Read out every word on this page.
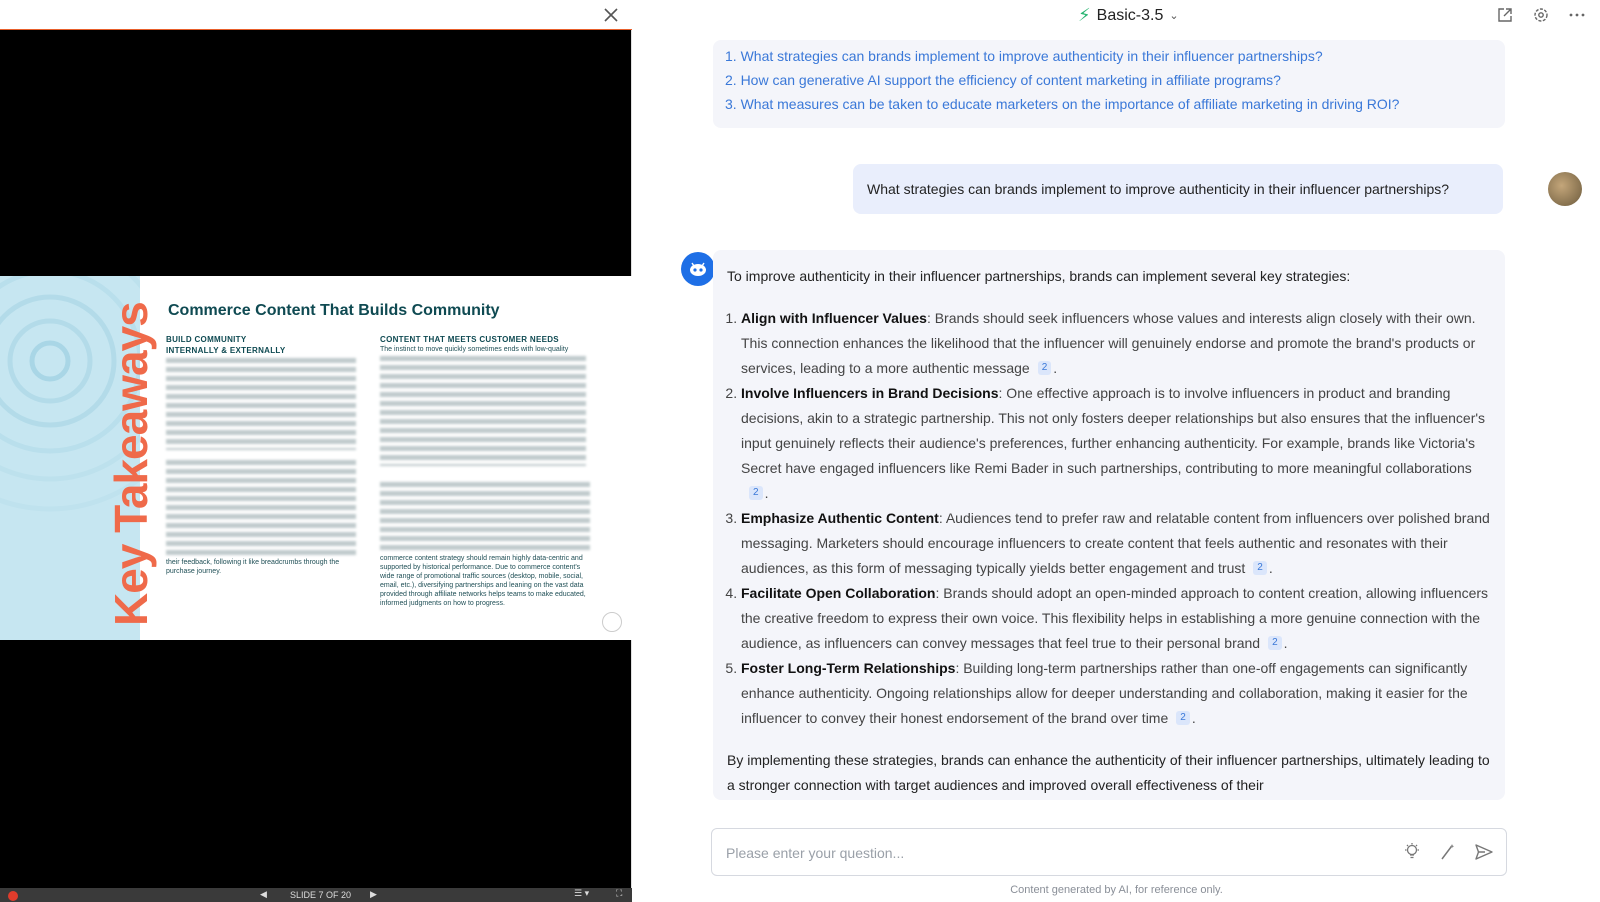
Key Takeaways Commerce Content That Builds Community
BUILD COMMUNITY
INTERNALLY & EXTERNALLY
their feedback, following it like breadcrumbs through the purchase journey.
CONTENT THAT MEETS CUSTOMER NEEDS
The instinct to move quickly sometimes ends with low-quality
commerce content strategy should remain highly data-centric and supported by historical performance. Due to commerce content's wide range of promotional traffic sources (desktop, mobile, social, email, etc.), diversifying partnerships and leaning on the vast data provided through affiliate networks helps teams to make educated, informed judgments on how to progress.
◀	SLIDE 7 OF 20 ▶	☰ ▾	⛶
⚡ Basic-3.5 ⌄
1. What strategies can brands implement to improve authenticity in their influencer partnerships?
2. How can generative AI support the efficiency of content marketing in affiliate programs?
3. What measures can be taken to educate marketers on the importance of affiliate marketing in driving ROI?
What strategies can brands implement to improve authenticity in their influencer partnerships?
To improve authenticity in their influencer partnerships, brands can implement several key strategies:
1. Align with Influencer Values: Brands should seek influencers whose values and interests align closely with their own. This connection enhances the likelihood that the influencer will genuinely endorse and promote the brand's products or services, leading to a more authentic message 2 .
2. Involve Influencers in Brand Decisions: One effective approach is to involve influencers in product and branding decisions, akin to a strategic partnership. This not only fosters deeper relationships but also ensures that the influencer's input genuinely reflects their audience's preferences, further enhancing authenticity. For example, brands like Victoria's Secret have engaged influencers like Remi Bader in such partnerships, contributing to more meaningful collaborations2 .
3. Emphasize Authentic Content: Audiences tend to prefer raw and relatable content from influencers over polished brand messaging. Marketers should encourage influencers to create content that feels authentic and resonates with their audiences, as this form of messaging typically yields better engagement and trust 2 .
4. Facilitate Open Collaboration: Brands should adopt an open-minded approach to content creation, allowing influencers the creative freedom to express their own voice. This flexibility helps in establishing a more genuine connection with the audience, as influencers can convey messages that feel true to their personal brand 2 .
5. Foster Long-Term Relationships: Building long-term partnerships rather than one-off engagements can significantly enhance authenticity. Ongoing relationships allow for deeper understanding and collaboration, making it easier for the influencer to convey their honest endorsement of the brand over time 2 .
By implementing these strategies, brands can enhance the authenticity of their influencer partnerships, ultimately leading to a stronger connection with target audiences and improved overall effectiveness of their
Please enter your question...
Content generated by AI, for reference only.
